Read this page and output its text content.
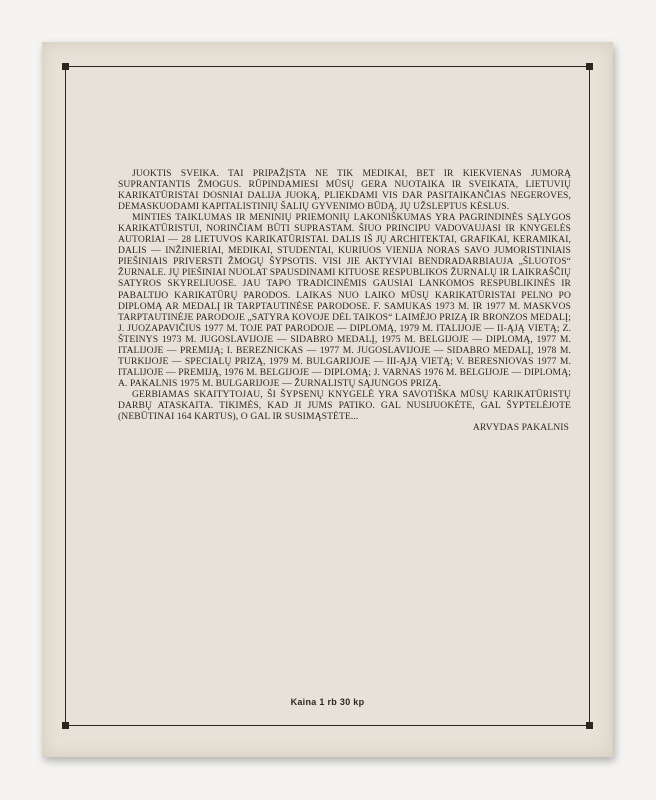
JUOKTIS SVEIKA. TAI PRIPAŽĮSTA NE TIK MEDIKAI, BET IR KIEKVIENAS JUMORĄ SUPRANTANTIS ŽMOGUS. RŪPINDAMIESI MŪSŲ GERA NUOTAIKA IR SVEIKATA, LIETUVIŲ KARIKATŪRISTAI DOSNIAI DALIJA JUOKĄ, PLIEKDAMI VIS DAR PASITAIKANČIAS NEGEROVES, DEMASKUODAMI KAPITALISTINIŲ ŠALIŲ GYVENIMO BŪDĄ, JŲ UŽSLEPTUS KĖSLUS.

MINTIES TAIKLUMAS IR MENINIŲ PRIEMONIŲ LAKONIŠKUMAS YRA PAGRINDINĖS SĄLYGOS KARIKATŪRISTUI, NORINČIAM BŪTI SUPRASTAM. ŠIUO PRINCIPU VADOVAUJASI IR KNYGELĖS AUTORIAI — 28 LIETUVOS KARIKATŪRISTAI. DALIS IŠ JŲ ARCHITEKTAI, GRAFIKAI, KERAMIKAI, DALIS — INŽINIERIAI, MEDIKAI, STUDENTAI, KURIUOS VIENIJA NORAS SAVO JUMORISTINIAIS PIEŠINIAIS PRIVERSTI ŽMOGŲ ŠYPSOTIS. VISI JIE AKTYVIAI BENDRADARBIAUJA „ŠLUOTOS“ ŽURNALE. JŲ PIEŠINIAI NUOLAT SPAUSDINAMI KITUOSE RESPUBLIKOS ŽURNALŲ IR LAIKRAŠČIŲ SATYROS SKYRELIUOSE. JAU TAPO TRADICINĖMIS GAUSIAI LANKOMOS RESPUBLIKINĖS IR PABALTIJO KARIKATŪRŲ PARODOS. LAIKAS NUO LAIKO MŪSŲ KARIKATŪRISTAI PELNO PO DIPLOMĄ AR MEDALĮ IR TARPTAUTINĖSE PARODOSE. F. SAMUKAS 1973 M. IR 1977 M. MASKVOS TARPTAUTINĖJE PARODOJE „SATYRA KOVOJE DĖL TAIKOS“ LAIMĖJO PRIZĄ IR BRONZOS MEDALĮ; J. JUOZAPAVIČIUS 1977 M. TOJE PAT PARODOJE — DIPLOMĄ, 1979 M. ITALIJOJE — II-ĄJĄ VIETĄ; Z. ŠTEINYS 1973 M. JUGOSLAVIJOJE — SIDABRO MEDALĮ, 1975 M. BELGIJOJE — DIPLOMĄ, 1977 M. ITALIJOJE — PREMIJĄ; I. BEREZNICKAS — 1977 M. JUGOSLAVIJOJE — SIDABRO MEDALĮ, 1978 M. TURKIJOJE — SPECIALŲ PRIZĄ, 1979 M. BULGARIJOJE — III-ĄJĄ VIETĄ; V. BERESNIOVAS 1977 M. ITALIJOJE — PREMIJĄ, 1976 M. BELGIJOJE — DIPLOMĄ; J. VARNAS 1976 M. BELGIJOJE — DIPLOMĄ; A. PAKALNIS 1975 M. BULGARIJOJE — ŽURNALISTŲ SĄJUNGOS PRIZĄ.

GERBIAMAS SKAITYTOJAU, ŠI ŠYPSENŲ KNYGELĖ YRA SAVOTIŠKA MŪSŲ KARIKATŪRISTŲ DARBŲ ATASKAITA. TIKIMĖS, KAD JI JUMS PATIKO. GAL NUSIJUOKĖTE, GAL ŠYPTELĖJOTE (NEBŪTINAI 164 KARTUS), O GAL IR SUSIMĄSTĖTE...

ARVYDAS PAKALNIS
Kaina 1 rb 30 kp
